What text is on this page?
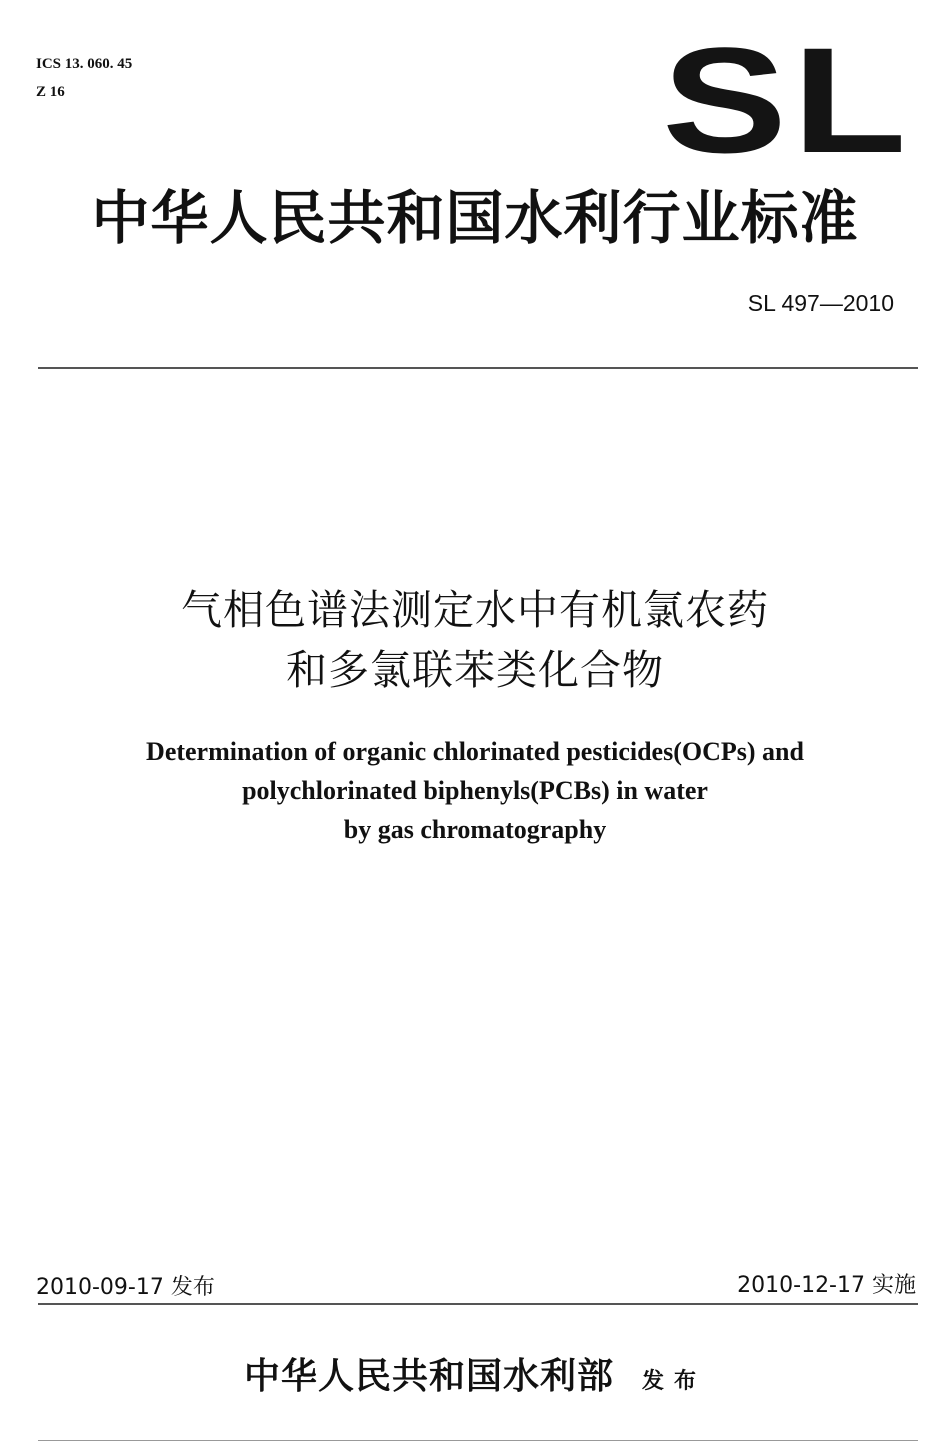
ICS 13. 060. 45
Z 16	SL
中华人民共和国水利行业标准
SL 497—2010
气相色谱法测定水中有机氯农药
和多氯联苯类化合物
Determination of organic chlorinated pesticides(OCPs) and
polychlorinated biphenyls(PCBs) in water
by gas chromatography
2010-09-17 发布	2010-12-17 实施
中华人民共和国水利部 发布
